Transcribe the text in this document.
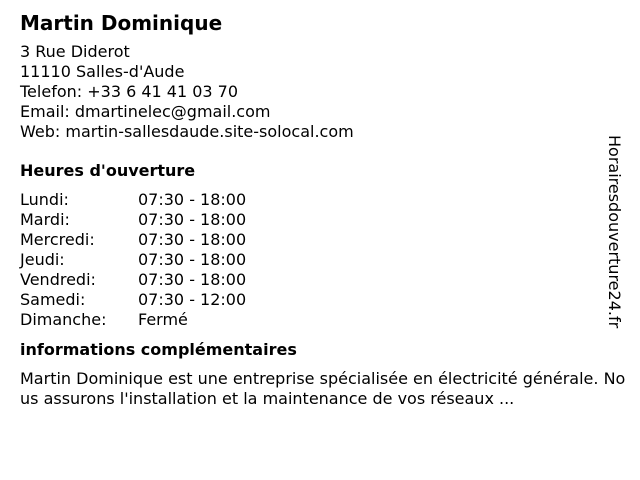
Martin Dominique
3 Rue Diderot
11110 Salles-d'Aude
Telefon: +33 6 41 41 03 70
Email: dmartinelec@gmail.com
Web: martin-sallesdaude.site-solocal.com
Heures d'ouverture
Lundi:	07:30 - 18:00
Mardi:	07:30 - 18:00
Mercredi:	07:30 - 18:00
Jeudi:	07:30 - 18:00
Vendredi:	07:30 - 18:00
Samedi:	07:30 - 12:00
Dimanche: Fermé
informations complémentaires
Martin Dominique est une entreprise spécialisée en électricité générale. Nous assurons l'installation et la maintenance de vos réseaux ...
Horairesdouverture24.fr
